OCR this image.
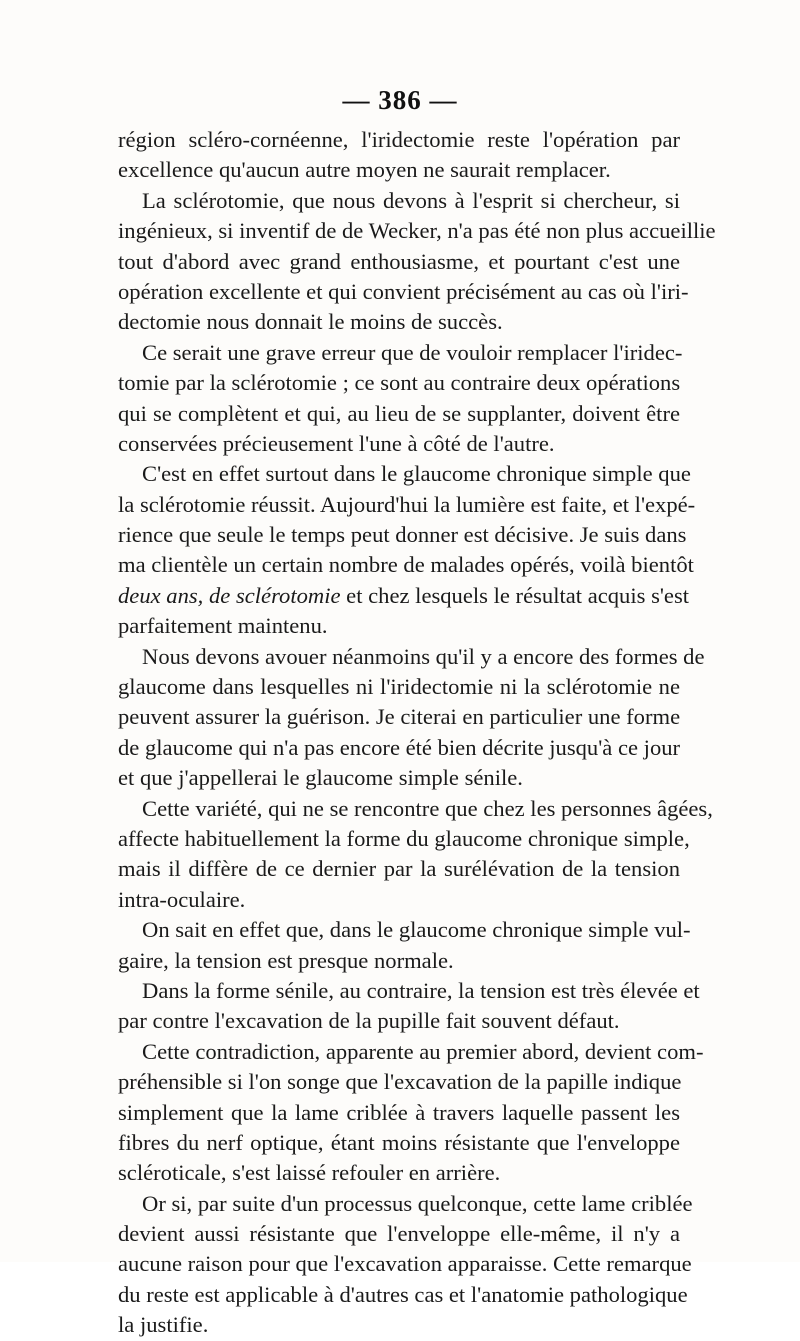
— 386 —
région scléro-cornéenne, l'iridectomie reste l'opération par
excellence qu'aucun autre moyen ne saurait remplacer.
La sclérotomie, que nous devons à l'esprit si chercheur, si
ingénieux, si inventif de de Wecker, n'a pas été non plus accueillie
tout d'abord avec grand enthousiasme, et pourtant c'est une
opération excellente et qui convient précisément au cas où l'iri-
dectomie nous donnait le moins de succès.
Ce serait une grave erreur que de vouloir remplacer l'iridec-
tomie par la sclérotomie ; ce sont au contraire deux opérations
qui se complètent et qui, au lieu de se supplanter, doivent être
conservées précieusement l'une à côté de l'autre.
C'est en effet surtout dans le glaucome chronique simple que
la sclérotomie réussit. Aujourd'hui la lumière est faite, et l'expé-
rience que seule le temps peut donner est décisive. Je suis dans
ma clientèle un certain nombre de malades opérés, voilà bientôt
deux ans, de sclérotomie et chez lesquels le résultat acquis s'est
parfaitement maintenu.
Nous devons avouer néanmoins qu'il y a encore des formes de
glaucome dans lesquelles ni l'iridectomie ni la sclérotomie ne
peuvent assurer la guérison. Je citerai en particulier une forme
de glaucome qui n'a pas encore été bien décrite jusqu'à ce jour
et que j'appellerai le glaucome simple sénile.
Cette variété, qui ne se rencontre que chez les personnes âgées,
affecte habituellement la forme du glaucome chronique simple,
mais il diffère de ce dernier par la surélévation de la tension
intra-oculaire.
On sait en effet que, dans le glaucome chronique simple vul-
gaire, la tension est presque normale.
Dans la forme sénile, au contraire, la tension est très élevée et
par contre l'excavation de la pupille fait souvent défaut.
Cette contradiction, apparente au premier abord, devient com-
préhensible si l'on songe que l'excavation de la papille indique
simplement que la lame criblée à travers laquelle passent les
fibres du nerf optique, étant moins résistante que l'enveloppe
scléroticale, s'est laissé refouler en arrière.
Or si, par suite d'un processus quelconque, cette lame criblée
devient aussi résistante que l'enveloppe elle-même, il n'y a
aucune raison pour que l'excavation apparaisse. Cette remarque
du reste est applicable à d'autres cas et l'anatomie pathologique
la justifie.
